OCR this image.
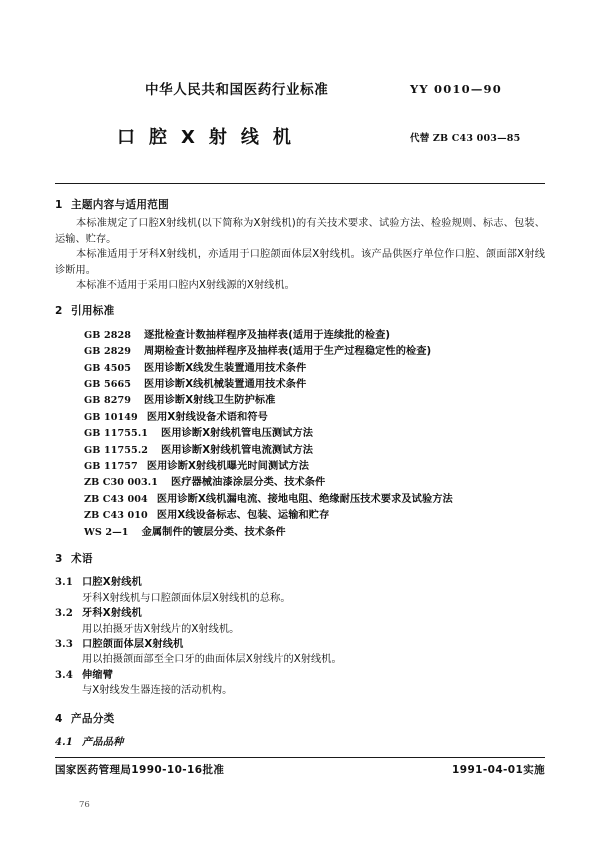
中华人民共和国医药行业标准	YY 0010—90
口腔X射线机	代替 ZB C43 003—85
1 主题内容与适用范围

本标准规定了口腔X射线机(以下简称为X射线机)的有关技术要求、试验方法、检验规则、标志、包装、运输、贮存。

本标准适用于牙科X射线机，亦适用于口腔颌面体层X射线机。该产品供医疗单位作口腔、颌面部X射线诊断用。

本标准不适用于采用口腔内X射线源的X射线机。

2 引用标准
GB 2828 逐批检查计数抽样程序及抽样表(适用于连续批的检查)
GB 2829 周期检查计数抽样程序及抽样表(适用于生产过程稳定性的检查)
GB 4505 医用诊断X线发生装置通用技术条件
GB 5665 医用诊断X线机械装置通用技术条件
GB 8279 医用诊断X射线卫生防护标准
GB 10149 医用X射线设备术语和符号
GB 11755.1 医用诊断X射线机管电压测试方法
GB 11755.2 医用诊断X射线机管电流测试方法
GB 11757 医用诊断X射线机曝光时间测试方法
ZB C30 003.1 医疗器械油漆涂层分类、技术条件
ZB C43 004 医用诊断X线机漏电流、接地电阻、绝缘耐压技术要求及试验方法
ZB C43 010 医用X线设备标志、包装、运输和贮存
WS 2—1 金属制件的镀层分类、技术条件
3 术语
3.1 口腔X射线机
牙科X射线机与口腔颌面体层X射线机的总称。
3.2 牙科X射线机
用以拍摄牙齿X射线片的X射线机。
3.3 口腔颌面体层X射线机
用以拍摄颌面部至全口牙的曲面体层X射线片的X射线机。
3.4 伸缩臂
与X射线发生器连接的活动机构。
4 产品分类
4.1 产品品种
国家医药管理局1990-10-16批准	1991-04-01实施
76
